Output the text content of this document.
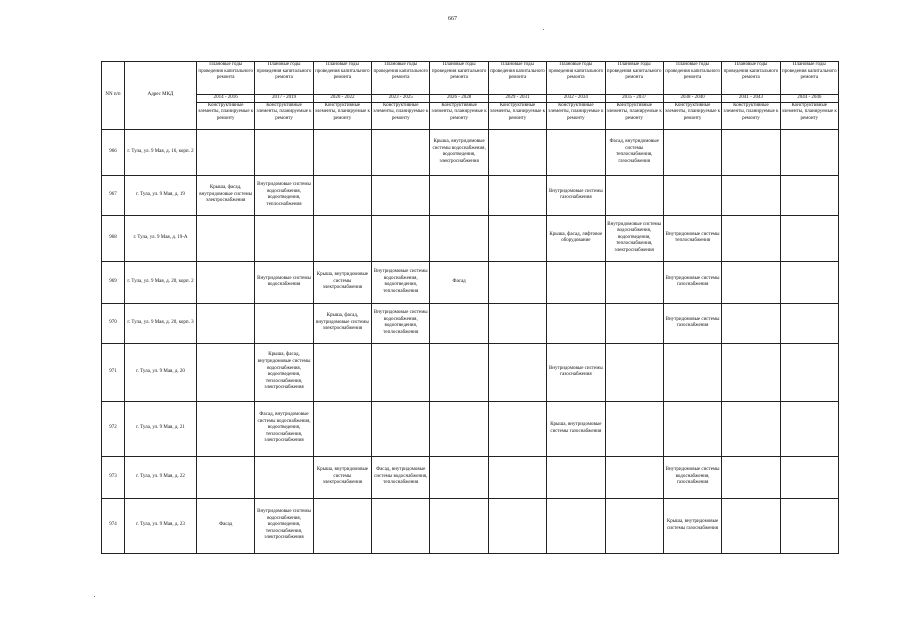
667
NN п/п	Адрес МКД	Плановые годы проведения капитального ремонта	Плановые годы проведения капитального ремонта	Плановые годы проведения капитального ремонта	Плановые годы проведения капитального ремонта	Плановые годы проведения капитального ремонта	Плановые годы проведения капитального ремонта	Плановые годы проведения капитального ремонта	Плановые годы проведения капитального ремонта	Плановые годы проведения капитального ремонта	Плановые годы проведения капитального ремонта	Плановые годы проведения капитального ремонта
		2014 - 2016	2017 - 2019	2020 - 2022	2023 - 2025	2026 - 2028	2029 - 2031	2032 - 2034	2035 - 2037	2038 - 2040	2041 - 2043	2044 - 2046
		Конструктивные элементы, планируемые к ремонту	Конструктивные элементы, планируемые к ремонту	Конструктивные элементы, планируемые к ремонту	Конструктивные элементы, планируемые к ремонту	Конструктивные элементы, планируемые к ремонту	Конструктивные элементы, планируемые к ремонту	Конструктивные элементы, планируемые к ремонту	Конструктивные элементы, планируемые к ремонту	Конструктивные элементы, планируемые к ремонту	Конструктивные элементы, планируемые к ремонту	Конструктивные элементы, планируемые к ремонту
966	г. Тула, ул. 9 Мая, д. 16, корп. 2					Крыша, внутридомовые системы водоснабжения, водоотведения, электроснабжения			Фасад, внутридомовые системы теплоснабжения, газоснабжения			
967	г. Тула, ул. 9 Мая, д. 19	Крыша, фасад, внутридомовые системы электроснабжения	Внутридомовые системы водоснабжения, водоотведения, теплоснабжения					Внутридомовые системы газоснабжения				
968	г. Тула, ул. 9 Мая, д. 19-А							Крыша, фасад, лифтовое оборудование	Внутридомовые системы водоснабжения, водоотведения, теплоснабжения, электроснабжения	Внутридомовые системы теплоснабжения		
969	г. Тула, ул. 9 Мая, д. 20, корп. 2		Внутридомовые системы водоснабжения	Крыша, внутридомовые системы электроснабжения	Внутридомовые системы водоснабжения, водоотведения, теплоснабжения	Фасад				Внутридомовые системы газоснабжения		
970	г. Тула, ул. 9 Мая, д. 20, корп. 3			Крыша, фасад, внутридомовые системы электроснабжения	Внутридомовые системы водоснабжения, водоотведения, теплоснабжения					Внутридомовые системы газоснабжения		
971	г. Тула, ул. 9 Мая, д. 20		Крыша, фасад, внутридомовые системы водоснабжения, водоотведения, теплоснабжения, электроснабжения					Внутридомовые системы газоснабжения				
972	г. Тула, ул. 9 Мая, д. 21		Фасад, внутридомовые системы водоснабжения, водоотведения, теплоснабжения, электроснабжения					Крыша, внутридомовые системы газоснабжения				
973	г. Тула, ул. 9 Мая, д. 22			Крыша, внутридомовые системы электроснабжения	Фасад, внутридомовые системы водоснабжения, теплоснабжения					Внутридомовые системы водоснабжения, газоснабжения		
974	г. Тула, ул. 9 Мая, д. 23	Фасад	Внутридомовые системы водоснабжения, водоотведения, теплоснабжения, электроснабжения							Крыша, внутридомовые системы газоснабжения		
